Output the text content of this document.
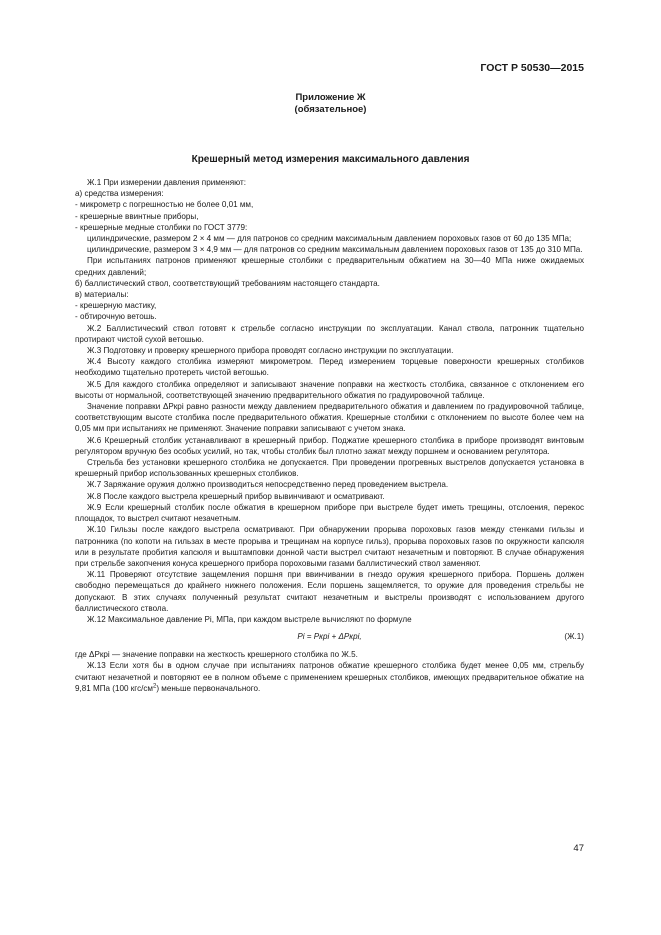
ГОСТ Р 50530—2015
Приложение Ж
(обязательное)
Крешерный метод измерения максимального давления

Ж.1 При измерении давления применяют:

а) средства измерения:

- микрометр с погрешностью не более 0,01 мм,

- крешерные ввинтные приборы,

- крешерные медные столбики по ГОСТ 3779:

цилиндрические, размером 2 × 4 мм — для патронов со средним максимальным давлением пороховых газов от 60 до 135 МПа;

цилиндрические, размером 3 × 4,9 мм — для патронов со средним максимальным давлением пороховых газов от 135 до 310 МПа.

При испытаниях патронов применяют крешерные столбики с предварительным обжатием на 30—40 МПа ниже ожидаемых средних давлений;

б) баллистический ствол, соответствующий требованиям настоящего стандарта.

в) материалы:

- крешерную мастику,

- обтирочную ветошь.

Ж.2 Баллистический ствол готовят к стрельбе согласно инструкции по эксплуатации. Канал ствола, патронник тщательно протирают чистой сухой ветошью.

Ж.3 Подготовку и проверку крешерного прибора проводят согласно инструкции по эксплуатации.

Ж.4 Высоту каждого столбика измеряют микрометром. Перед измерением торцевые поверхности крешерных столбиков необходимо тщательно протереть чистой ветошью.

Ж.5 Для каждого столбика определяют и записывают значение поправки на жесткость столбика, связанное с отклонением его высоты от нормальной, соответствующей значению предварительного обжатия по градуировочной таблице.

Значение поправки ΔPкрi равно разности между давлением предварительного обжатия и давлением по градуировочной таблице, соответствующим высоте столбика после предварительного обжатия. Крешерные столбики с отклонением по высоте более чем на 0,05 мм при испытаниях не применяют. Значение поправки записывают с учетом знака.

Ж.6 Крешерный столбик устанавливают в крешерный прибор. Поджатие крешерного столбика в приборе производят винтовым регулятором вручную без особых усилий, но так, чтобы столбик был плотно зажат между поршнем и основанием регулятора.

Стрельба без установки крешерного столбика не допускается. При проведении прогревных выстрелов допускается установка в крешерный прибор использованных крешерных столбиков.

Ж.7 Заряжание оружия должно производиться непосредственно перед проведением выстрела.

Ж.8 После каждого выстрела крешерный прибор вывинчивают и осматривают.

Ж.9 Если крешерный столбик после обжатия в крешерном приборе при выстреле будет иметь трещины, отслоения, перекос площадок, то выстрел считают незачетным.

Ж.10 Гильзы после каждого выстрела осматривают. При обнаружении прорыва пороховых газов между стенками гильзы и патронника (по копоти на гильзах в месте прорыва и трещинам на корпусе гильз), прорыва пороховых газов по окружности капсюля или в результате пробития капсюля и выштамповки донной части выстрел считают незачетным и повторяют. В случае обнаружения при стрельбе закопчения конуса крешерного прибора пороховыми газами баллистический ствол заменяют.

Ж.11 Проверяют отсутствие защемления поршня при ввинчивании в гнездо оружия крешерного прибора. Поршень должен свободно перемещаться до крайнего нижнего положения. Если поршень защемляется, то оружие для проведения стрельбы не допускают. В этих случаях полученный результат считают незачетным и выстрелы производят с использованием другого баллистического ствола.

Ж.12 Максимальное давление Pi, МПа, при каждом выстреле вычисляют по формуле

Pi = Pкрi + ΔPкрi,	(Ж.1)

где ΔPкрi — значение поправки на жесткость крешерного столбика по Ж.5.

Ж.13 Если хотя бы в одном случае при испытаниях патронов обжатие крешерного столбика будет менее 0,05 мм, стрельбу считают незачетной и повторяют ее в полном объеме с применением крешерных столбиков, имеющих предварительное обжатие на 9,81 МПа (100 кгс/$см^2$) меньше первоначального.

47
